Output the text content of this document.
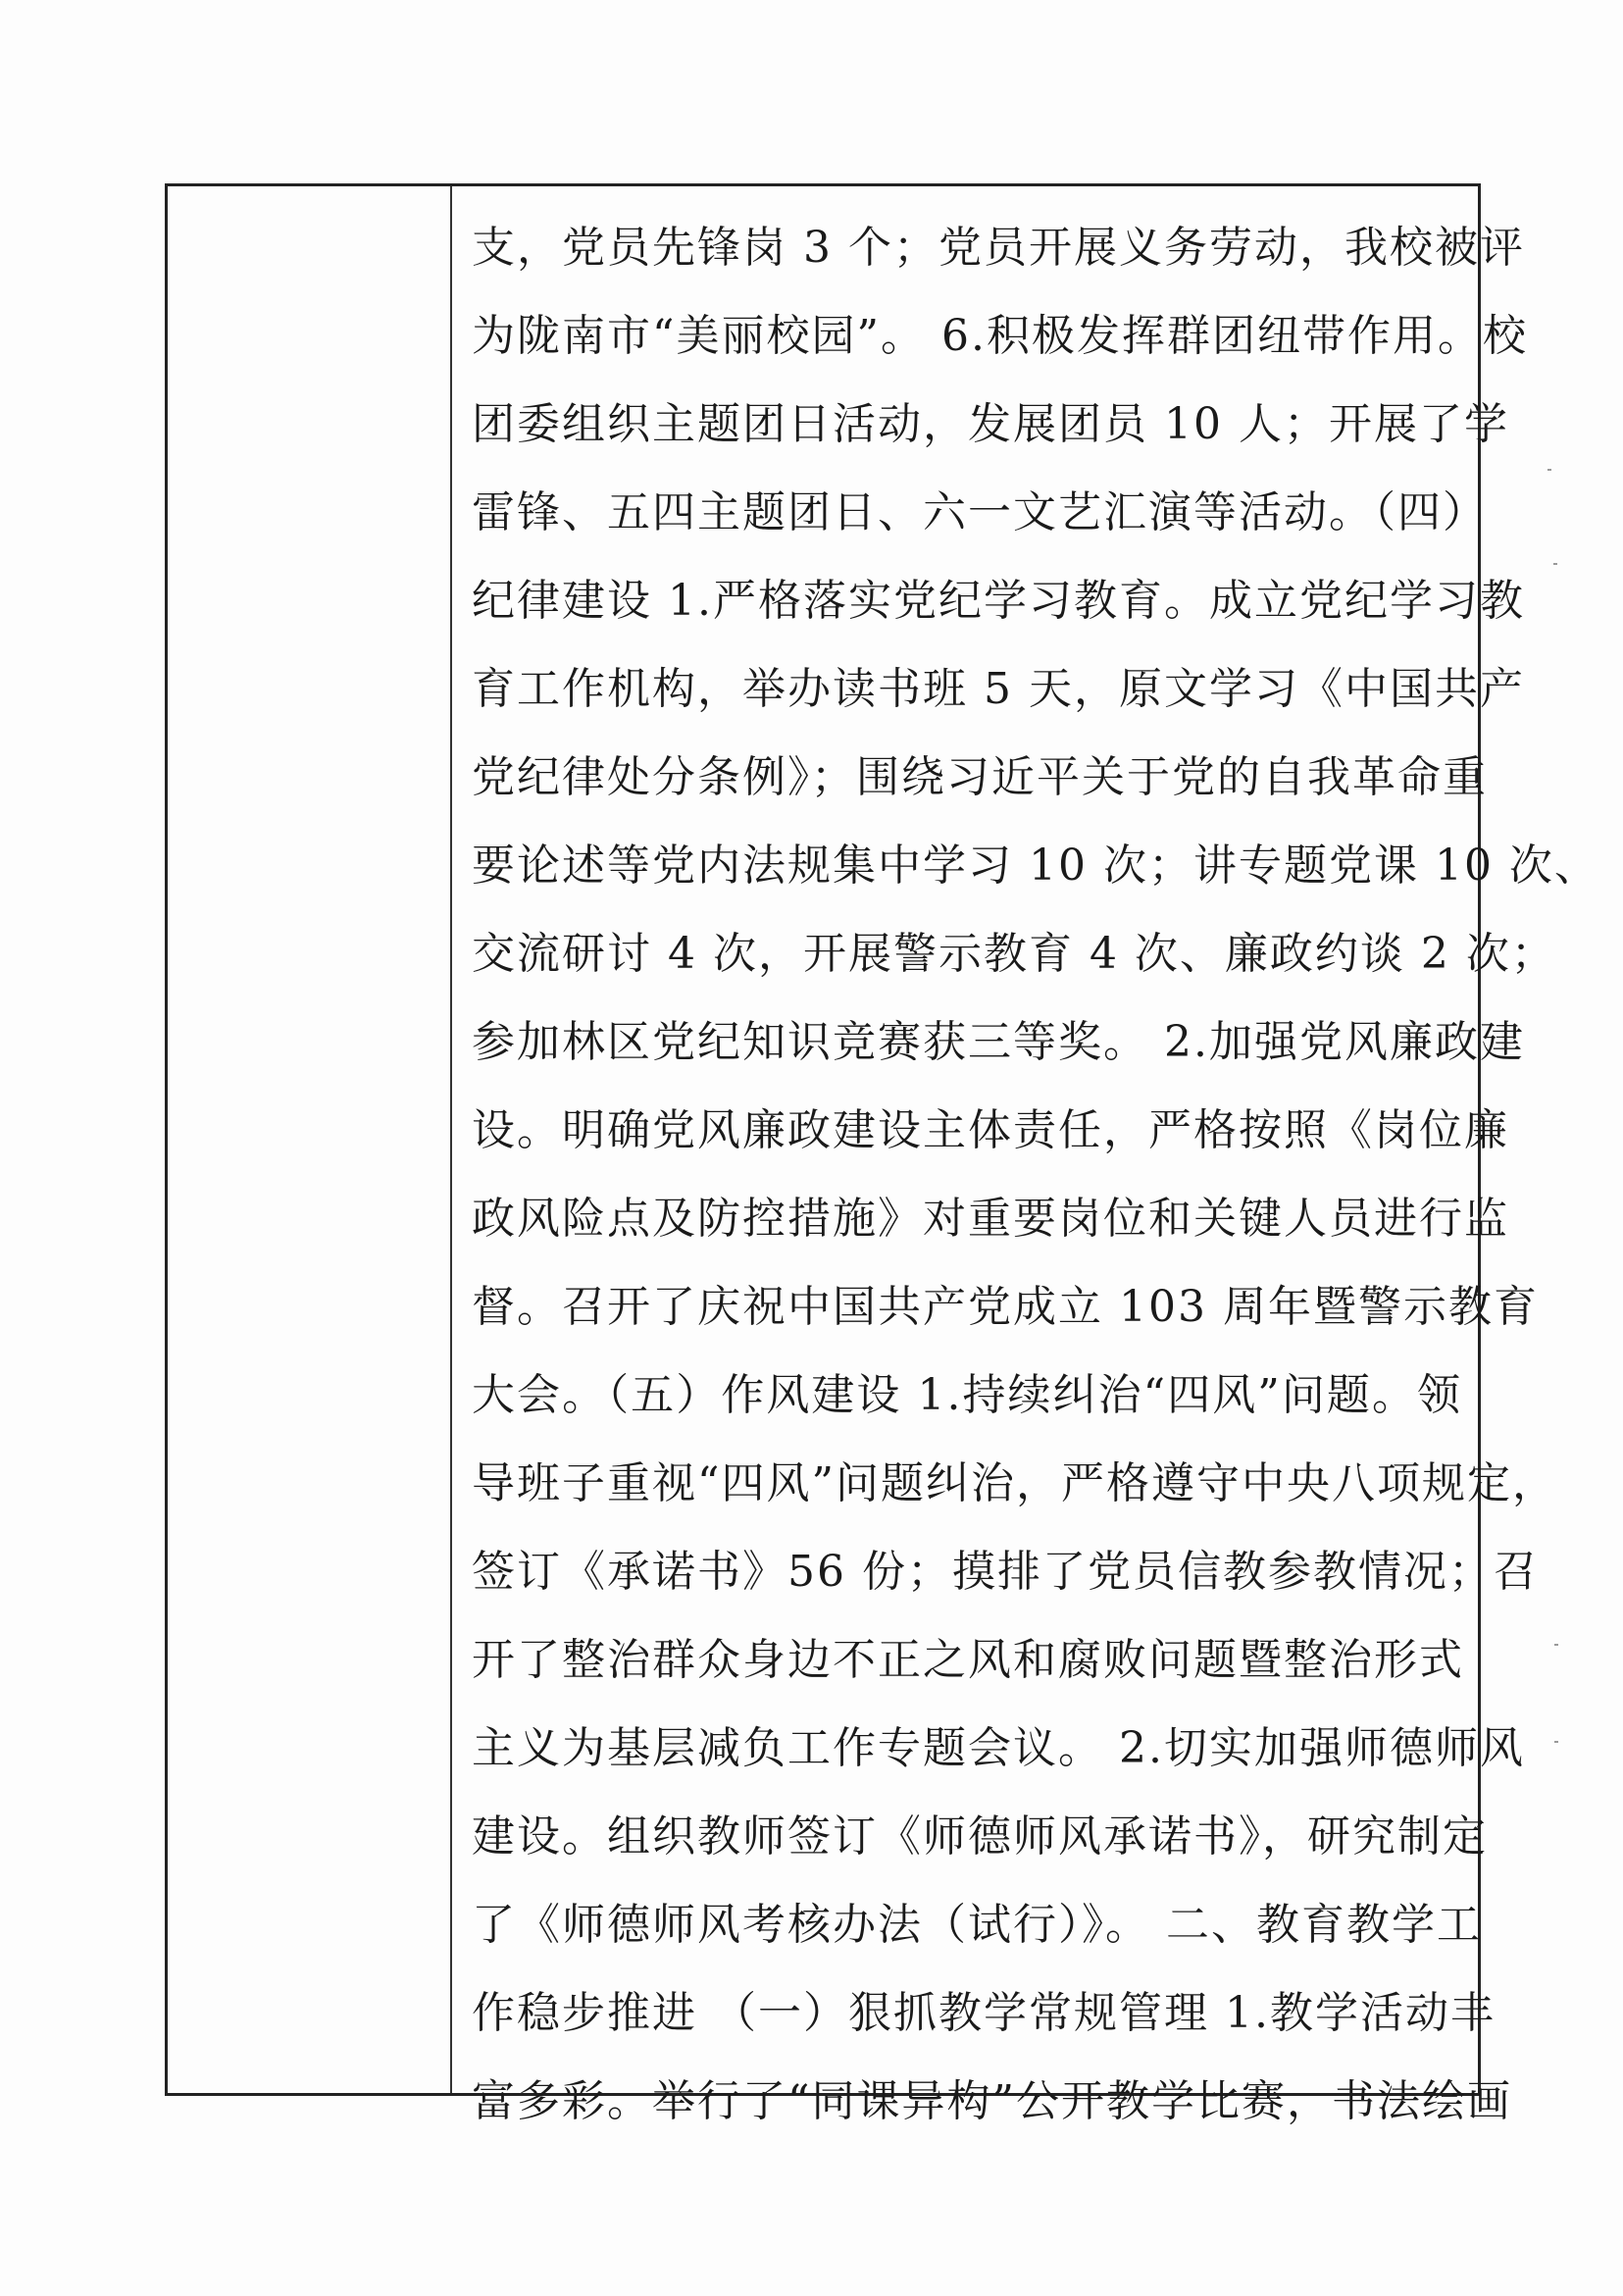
支，党员先锋岗 3 个；党员开展义务劳动，我校被评
为陇南市“美丽校园”。 6.积极发挥群团纽带作用。校
团委组织主题团日活动，发展团员 10 人；开展了学
雷锋、五四主题团日、六一文艺汇演等活动。（四）
纪律建设 1.严格落实党纪学习教育。成立党纪学习教
育工作机构，举办读书班 5 天，原文学习《中国共产
党纪律处分条例》；围绕习近平关于党的自我革命重
要论述等党内法规集中学习 10 次；讲专题党课 10 次、
交流研讨 4 次，开展警示教育 4 次、廉政约谈 2 次；
参加林区党纪知识竞赛获三等奖。 2.加强党风廉政建
设。明确党风廉政建设主体责任，严格按照《岗位廉
政风险点及防控措施》对重要岗位和关键人员进行监
督。召开了庆祝中国共产党成立 103 周年暨警示教育
大会。（五）作风建设 1.持续纠治“四风”问题。领
导班子重视“四风”问题纠治，严格遵守中央八项规定，
签订《承诺书》56 份；摸排了党员信教参教情况；召
开了整治群众身边不正之风和腐败问题暨整治形式
主义为基层减负工作专题会议。 2.切实加强师德师风
建设。组织教师签订《师德师风承诺书》，研究制定
了《师德师风考核办法（试行）》。 二、教育教学工
作稳步推进 （一）狠抓教学常规管理 1.教学活动丰
富多彩。举行了“同课异构”公开教学比赛，书法绘画
